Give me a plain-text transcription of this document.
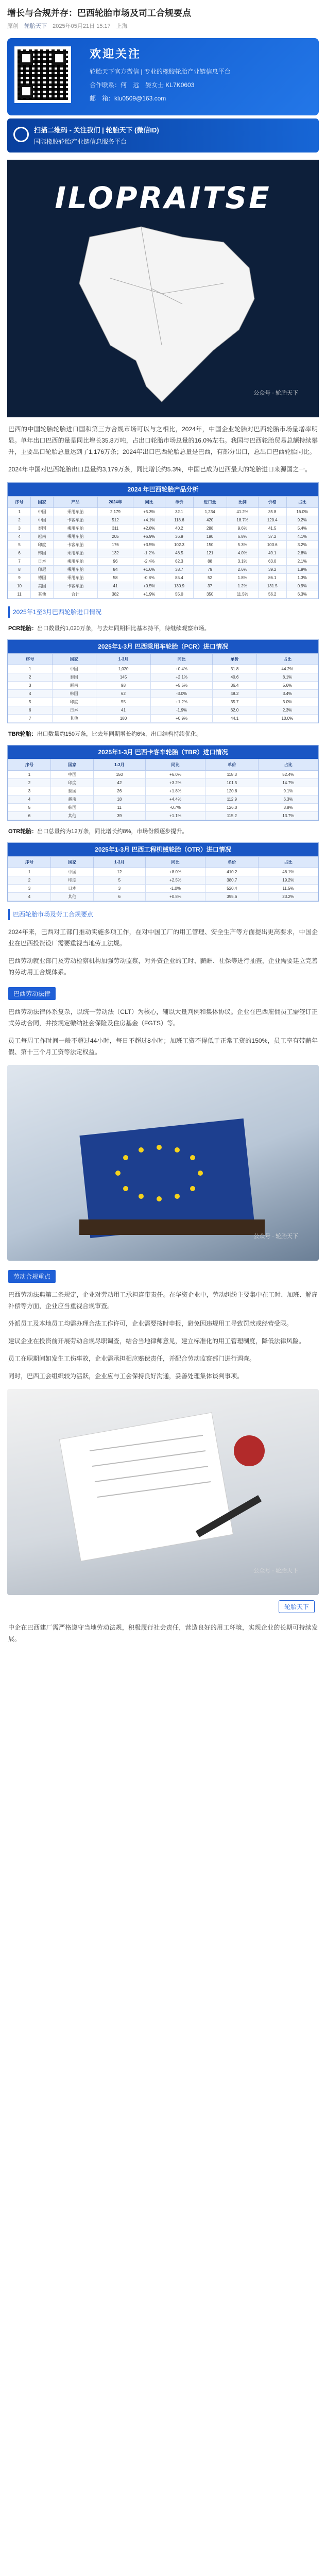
增长与合规并存：巴西轮胎市场及司工合规要点
原创 轮胎天下 2025年05月21日 15:17 上海
欢迎关注
轮胎天下官方微信 | 专业的橡胶轮胎产业链信息平台
合作联系：何　远　晏女士 KL7K0603
邮　箱：klu0509@163.com
扫描二维码 - 关注我们 | 轮胎天下 (微信ID)
国际橡胶轮胎产业链信息服务平台
ILOPRAITSE
公众号 · 轮胎天下

巴西的中国轮胎轮胎进口国和第三方合规市场可以与之相比，2024年，中国企业轮胎对巴西轮胎市场量增率明显。单年出口巴西的量是同比增长35.8万吨，占出口轮胎市场总量的16.0%左右。我国与巴西轮胎贸易总额持续攀升，主要出口轮胎总量达到了1,176万条；2024年出口巴西轮胎总量是巴西，有部分出口，总出口巴西轮胎同比。

2024年中国对巴西轮胎出口总量约3,179万条，同比增长约5.3%，中国已成为巴西最大的轮胎进口来源国之一。

2024 年巴西轮胎产品分析
序号	国家	产品	2024年	同比	单价	进口量	比例	价格	占比
1	中国	乘用车胎	2,179	+5.3%	32.1	1,234	41.2%	35.8	16.0%
2	中国	卡客车胎	512	+4.1%	118.6	420	18.7%	120.4	9.2%
3	泰国	乘用车胎	311	+2.8%	40.2	288	9.6%	41.5	5.4%
4	越南	乘用车胎	205	+6.9%	36.9	190	6.8%	37.2	4.1%
5	印度	卡客车胎	176	+3.5%	102.3	150	5.3%	103.6	3.2%
6	韩国	乘用车胎	132	-1.2%	48.5	121	4.0%	49.1	2.8%
7	日本	乘用车胎	96	-2.4%	62.3	88	3.1%	63.0	2.1%
8	印尼	乘用车胎	84	+1.6%	38.7	79	2.6%	39.2	1.9%
9	德国	乘用车胎	58	-0.8%	85.4	52	1.8%	86.1	1.3%
10	美国	卡客车胎	41	+0.5%	130.9	37	1.2%	131.5	0.9%
11	其他	合计	382	+1.9%	55.0	350	11.5%	56.2	6.3%
2025年1至3月巴西轮胎进口情况
PCR轮胎：出口数量约1,020万条，与去年同期相比基本持平，待继续观察市场。
2025年1-3月 巴西乘用车轮胎（PCR）进口情况
序号	国家	1-3月	同比	单价	占比
1	中国	1,020	+0.4%	31.8	44.2%
2	泰国	145	+2.1%	40.6	8.1%
3	越南	98	+5.5%	36.4	5.6%
4	韩国	62	-3.0%	48.2	3.4%
5	印度	55	+1.2%	35.7	3.0%
6	日本	41	-1.9%	62.0	2.3%
7	其他	180	+0.9%	44.1	10.0%
TBR轮胎：出口数量约150万条，比去年同期增长约6%，出口结构持续优化。
2025年1-3月 巴西卡客车轮胎（TBR）进口情况
序号	国家	1-3月	同比	单价	占比
1	中国	150	+6.0%	118.3	52.4%
2	印度	42	+3.2%	101.5	14.7%
3	泰国	26	+1.8%	120.6	9.1%
4	越南	18	+4.4%	112.9	6.3%
5	韩国	11	-0.7%	126.0	3.8%
6	其他	39	+1.1%	115.2	13.7%
OTR轮胎：出口总量约为12万条，同比增长约8%，市场份额逐步提升。
2025年1-3月 巴西工程机械轮胎（OTR）进口情况
序号	国家	1-3月	同比	单价	占比
1	中国	12	+8.0%	410.2	46.1%
2	印度	5	+2.5%	380.7	19.2%
3	日本	3	-1.0%	520.4	11.5%
4	其他	6	+0.8%	395.6	23.2%
巴西轮胎市场及劳工合规要点

2024年来，巴西对工部门推动实施多项工作，在对中国工厂的用工管理、安全生产等方面提出更高要求，中国企业在巴西投资设厂需要重视当地劳工法规。

巴西劳动就业部门及劳动检察机构加强劳动监察，对外资企业的工时、薪酬、社保等进行抽查，企业需要建立完善的劳动用工合规体系。

巴西劳动法律

巴西劳动法律体系复杂，以统一劳动法（CLT）为核心，辅以大量判例和集体协议。企业在巴西雇佣员工需签订正式劳动合同，并按规定缴纳社会保险及住房基金（FGTS）等。

员工每周工作时间一般不超过44小时，每日不超过8小时；加班工资不得低于正常工资的150%，员工享有带薪年假、第十三个月工资等法定权益。

公众号 · 轮胎天下
劳动合规重点

巴西劳动法典第二条规定，企业对劳动用工承担连带责任。在华资企业中，劳动纠纷主要集中在工时、加班、解雇补偿等方面，企业应当重视合规审查。

外派员工及本地员工均需办理合法工作许可，企业需要按时申报，避免因违规用工导致罚款或经营受限。

建议企业在投资前开展劳动合规尽职调查，结合当地律师意见，建立标准化的用工管理制度，降低法律风险。

员工在职期间如发生工伤事故，企业需承担相应赔偿责任，并配合劳动监察部门进行调查。

同时，巴西工会组织较为活跃，企业应与工会保持良好沟通，妥善处理集体谈判事项。

公众号 · 轮胎天下
轮胎天下

中企在巴西建厂需严格遵守当地劳动法规，积极履行社会责任，营造良好的用工环境，实现企业的长期可持续发展。
